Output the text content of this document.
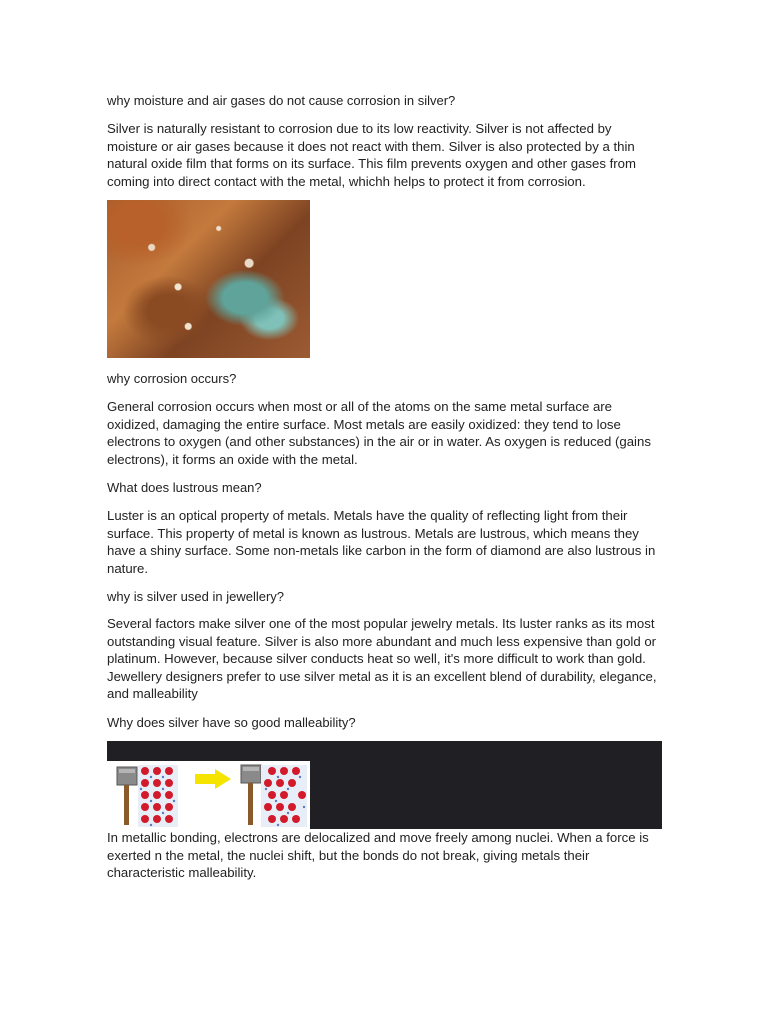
why moisture and air gases do not cause corrosion in silver?

Silver is naturally resistant to corrosion due to its low reactivity. Silver is not affected by moisture or air gases because it does not react with them. Silver is also protected by a thin natural oxide film that forms on its surface. This film prevents oxygen and other gases from coming into direct contact with the metal, whichh helps to protect it from corrosion.

why corrosion occurs?

General corrosion occurs when most or all of the atoms on the same metal surface are oxidized, damaging the entire surface. Most metals are easily oxidized: they tend to lose electrons to oxygen (and other substances) in the air or in water. As oxygen is reduced (gains electrons), it forms an oxide with the metal.

What does lustrous mean?

Luster is an optical property of metals. Metals have the quality of reflecting light from their surface. This property of metal is known as lustrous. Metals are lustrous, which means they have a shiny surface. Some non-metals like carbon in the form of diamond are also lustrous in nature.

why is silver used in jewellery?

Several factors make silver one of the most popular jewelry metals. Its luster ranks as its most outstanding visual feature. Silver is also more abundant and much less expensive than gold or platinum. However, because silver conducts heat so well, it's more difficult to work than gold. Jewellery designers prefer to use silver metal as it is an excellent blend of durability, elegance, and malleability

Why does silver have so good malleability?

In metallic bonding, electrons are delocalized and move freely among nuclei. When a force is exerted n the metal, the nuclei shift, but the bonds do not break, giving metals their characteristic malleability.
